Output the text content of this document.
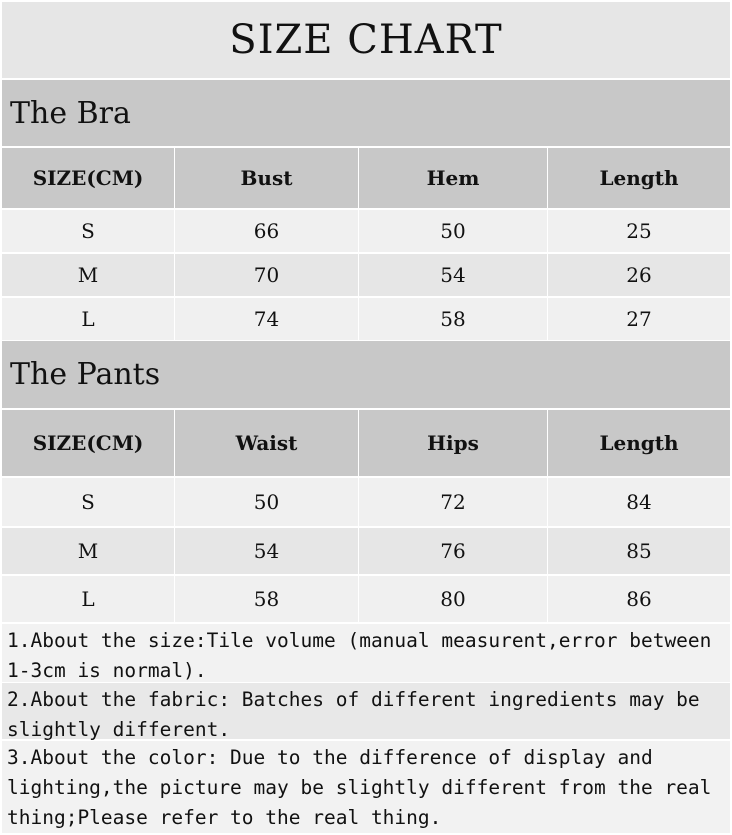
SIZE CHART
The Bra
SIZE(CM)	Bust	Hem	Length
S	66	50	25
M	70	54	26
L	74	58	27
The Pants
SIZE(CM)	Waist	Hips	Length
S	50	72	84
M	54	76	85
L	58	80	86
1.About the size:Tile volume (manual measurent,error between 1-3cm is normal).
2.About the fabric: Batches of different ingredients may be slightly different.
3.About the color: Due to the difference of display and lighting,the picture may be slightly different from the real thing;Please refer to the real thing.
